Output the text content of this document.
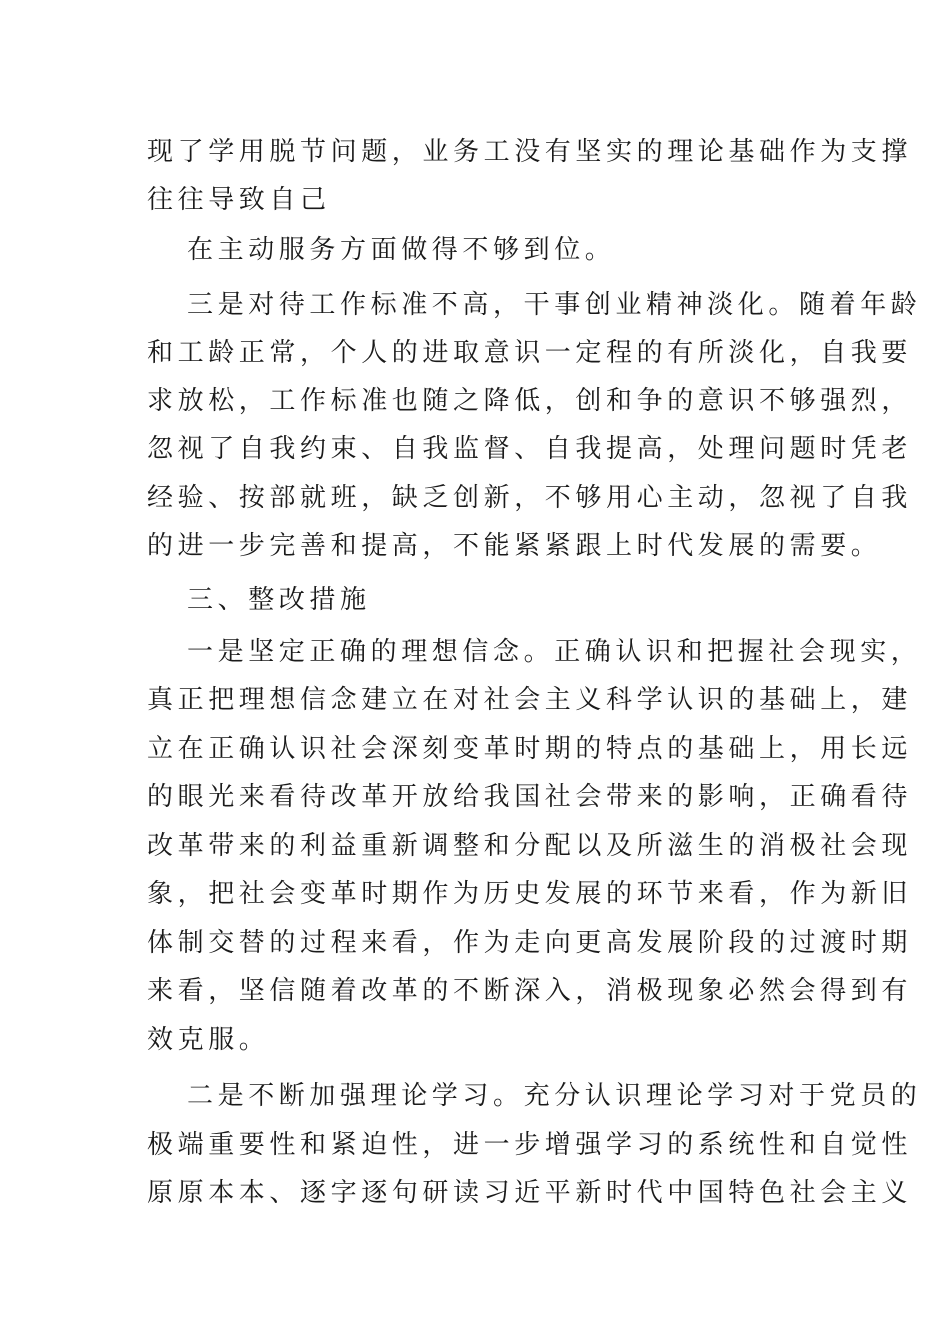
现了学用脱节问题，业务工没有坚实的理论基础作为支撑
往往导致自己
在主动服务方面做得不够到位。
三是对待工作标准不高，干事创业精神淡化。随着年龄
和工龄正常，个人的进取意识一定程的有所淡化，自我要
求放松，工作标准也随之降低，创和争的意识不够强烈，
忽视了自我约束、自我监督、自我提高，处理问题时凭老
经验、按部就班，缺乏创新，不够用心主动，忽视了自我
的进一步完善和提高，不能紧紧跟上时代发展的需要。
三、整改措施
一是坚定正确的理想信念。正确认识和把握社会现实，
真正把理想信念建立在对社会主义科学认识的基础上，建
立在正确认识社会深刻变革时期的特点的基础上，用长远
的眼光来看待改革开放给我国社会带来的影响，正确看待
改革带来的利益重新调整和分配以及所滋生的消极社会现
象，把社会变革时期作为历史发展的环节来看，作为新旧
体制交替的过程来看，作为走向更高发展阶段的过渡时期
来看，坚信随着改革的不断深入，消极现象必然会得到有
效克服。
二是不断加强理论学习。充分认识理论学习对于党员的
极端重要性和紧迫性，进一步增强学习的系统性和自觉性
原原本本、逐字逐句研读习近平新时代中国特色社会主义
